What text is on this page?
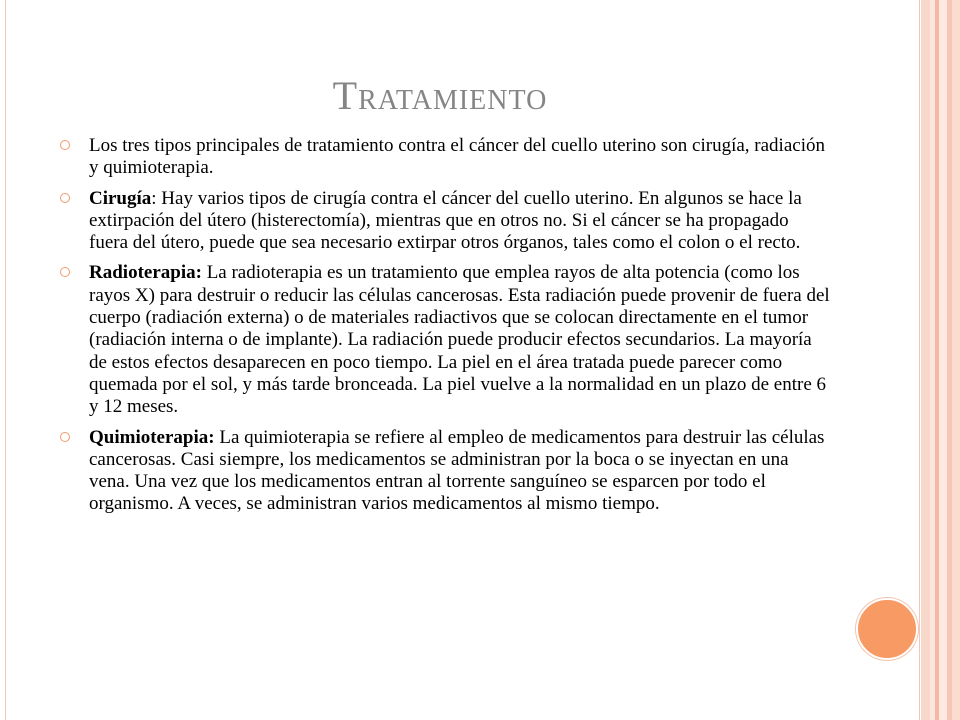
Tratamiento
Los tres tipos principales de tratamiento contra el cáncer del cuello uterino son cirugía, radiación y quimioterapia.
Cirugía: Hay varios tipos de cirugía contra el cáncer del cuello uterino. En algunos se hace la extirpación del útero (histerectomía), mientras que en otros no. Si el cáncer se ha propagado fuera del útero, puede que sea necesario extirpar otros órganos, tales como el colon o el recto.
Radioterapia: La radioterapia es un tratamiento que emplea rayos de alta potencia (como los rayos X) para destruir o reducir las células cancerosas. Esta radiación puede provenir de fuera del cuerpo (radiación externa) o de materiales radiactivos que se colocan directamente en el tumor (radiación interna o de implante). La radiación puede producir efectos secundarios. La mayoría de estos efectos desaparecen en poco tiempo. La piel en el área tratada puede parecer como quemada por el sol, y más tarde bronceada. La piel vuelve a la normalidad en un plazo de entre 6 y 12 meses.
Quimioterapia: La quimioterapia se refiere al empleo de medicamentos para destruir las células cancerosas. Casi siempre, los medicamentos se administran por la boca o se inyectan en una vena. Una vez que los medicamentos entran al torrente sanguíneo se esparcen por todo el organismo. A veces, se administran varios medicamentos al mismo tiempo.
